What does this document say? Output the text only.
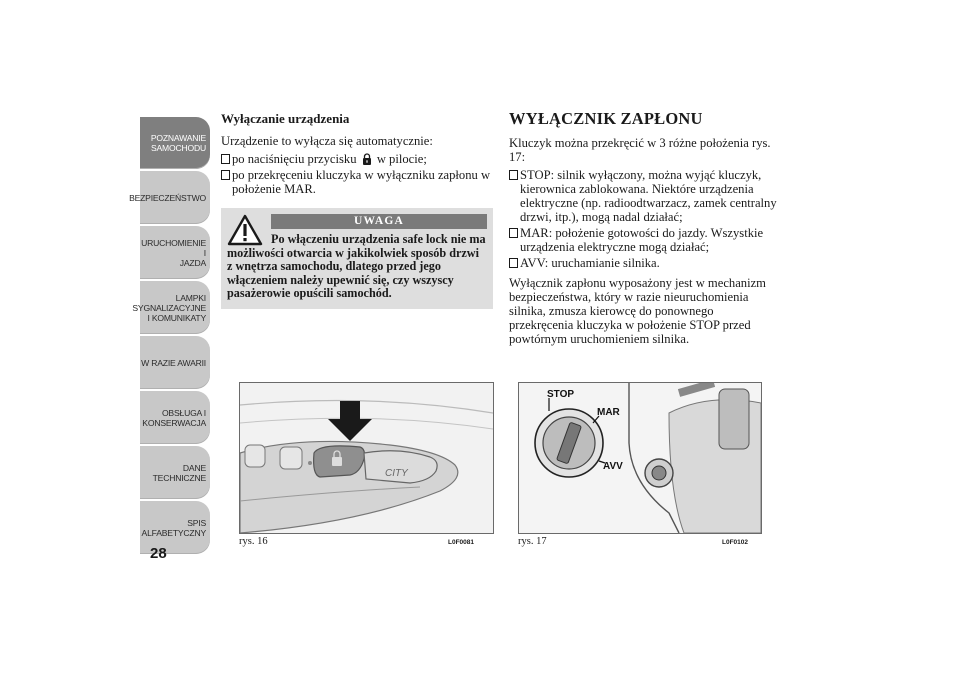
POZNAWANIE
SAMOCHODU
BEZPIECZEŃSTWO
URUCHOMIENIE I
JAZDA
LAMPKI
SYGNALIZACYJNE
I KOMUNIKATY
W RAZIE AWARII
OBSŁUGA I
KONSERWACJA
DANE
TECHNICZNE
SPIS
ALFABETYCZNY
28
Wyłączanie urządzenia

Urządzenie to wyłącza się automatycznie:

po naciśnięciu przycisku w pilocie;
po przekręceniu kluczyka w wyłączniku zapłonu w położenie MAR.
UWAGA
Po włączeniu urządzenia safe lock nie ma możliwości otwarcia w jakikolwiek sposób drzwi z wnętrza samochodu, dlatego przed jego włączeniem należy upewnić się, czy wszyscy pasażerowie opuścili samochód.
WYŁĄCZNIK ZAPŁONU

Kluczyk można przekręcić w 3 różne położenia rys. 17:

STOP: silnik wyłączony, można wyjąć kluczyk, kierownica zablokowana. Niektóre urządzenia elektryczne (np. radioodtwarzacz, zamek centralny drzwi, itp.), mogą nadal działać;
MAR: położenie gotowości do jazdy. Wszystkie urządzenia elektryczne mogą działać;
AVV: uruchamianie silnika.

Wyłącznik zapłonu wyposażony jest w mechanizm bezpieczeństwa, który w razie nieuruchomienia silnika, zmusza kierowcę do ponownego przekręcenia kluczyka w położenie STOP przed powtórnym uruchomieniem silnika.

CITY
rys. 16	L0F0081
STOP
MAR
AVV
rys. 17	L0F0102
